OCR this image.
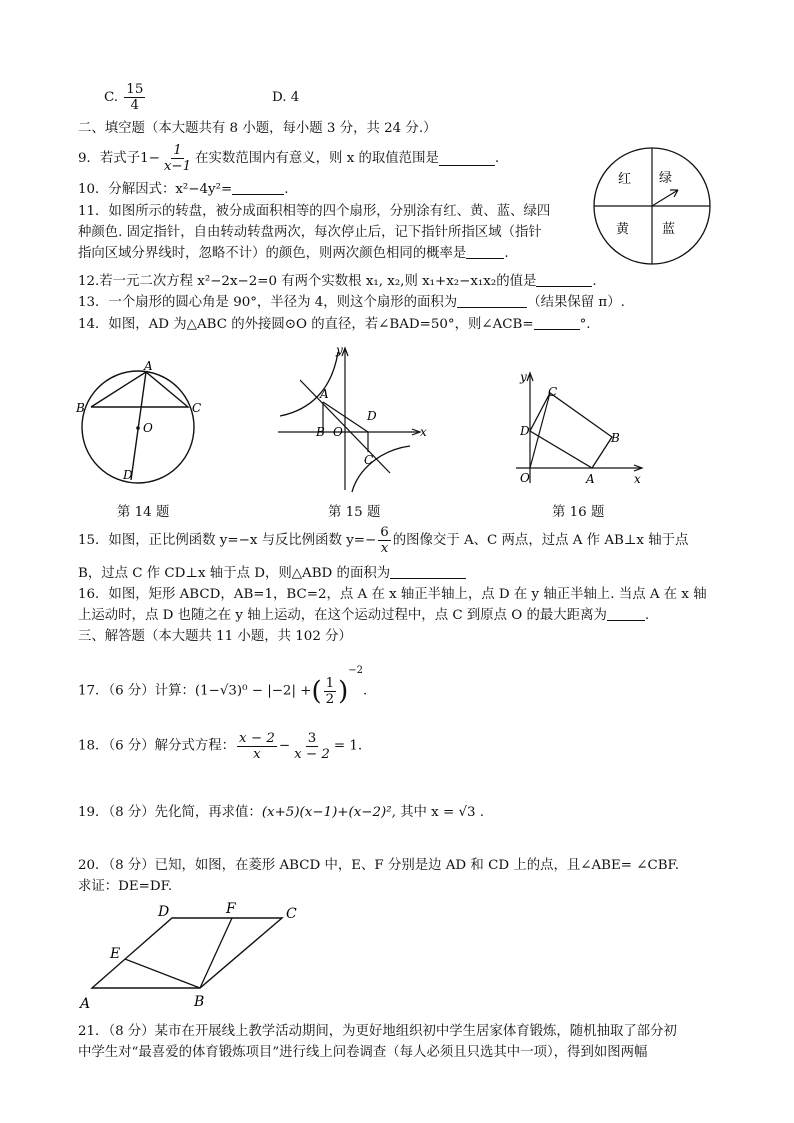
C. $\frac{15}{4}$	D. 4
二、填空题（本大题共有 8 小题，每小题 3 分，共 24 分.）
9．若式子$1- \frac{1}{x-1}$ 在实数范围内有意义，则 x 的取值范围是	.
10．分解因式：x²−4y²=	.
11．如图所示的转盘，被分成面积相等的四个扇形，分别涂有红、黄、蓝、绿四
种颜色. 固定指针，自由转动转盘两次，每次停止后，记下指针所指区域（指针
指向区域分界线时，忽略不计）的颜色，则两次颜色相同的概率是	.
红 绿
黄	蓝
12.若一元二次方程 x²−2x−2=0 有两个实数根 x₁, x₂,则 x₁+x₂−x₁x₂的值是	.
13．一个扇形的圆心角是 90°，半径为 4，则这个扇形的面积为	（结果保留 π）.
14．如图，AD 为△ABC 的外接圆⊙O 的直径，若∠BAD=50°，则∠ACB=	°.
A
B	C
O
D
第 14 题
y
x
A
B O
D
C
第 15 题
y
x
C
D	B
O	A
第 16 题
15．如图，正比例函数 y=−x 与反比例函数 $y=- \frac{6}{x}$ 的图像交于 A、C 两点，过点 A 作 AB⊥x 轴于点
B，过点 C 作 CD⊥x 轴于点 D，则△ABD 的面积为
16．如图，矩形 ABCD，AB=1，BC=2，点 A 在 x 轴正半轴上，点 D 在 y 轴正半轴上. 当点 A 在 x 轴
上运动时，点 D 也随之在 y 轴上运动，在这个运动过程中，点 C 到原点 O 的最大距离为	.
三、解答题（本大题共 11 小题，共 102 分）
17．（6 分）计算：(1−√3)⁰ − |−2| +( $\frac{1}{2} )^{-2}$.
18．（6 分）解分式方程： $\frac{x - 2}{x} - \frac{3}{x - 2} = 1$.
19．（8 分）先化简，再求值：(x+5)(x−1)+(x−2)², 其中 x = √3 .
20．（8 分）已知，如图，在菱形 ABCD 中，E、F 分别是边 AD 和 CD 上的点，且∠ABE= ∠CBF.
求证：DE=DF.
D	F	C
E
A	B
21．（8 分）某市在开展线上教学活动期间，为更好地组织初中学生居家体育锻炼，随机抽取了部分初
中学生对“最喜爱的体育锻炼项目”进行线上问卷调查（每人必须且只选其中一项），得到如图两幅
